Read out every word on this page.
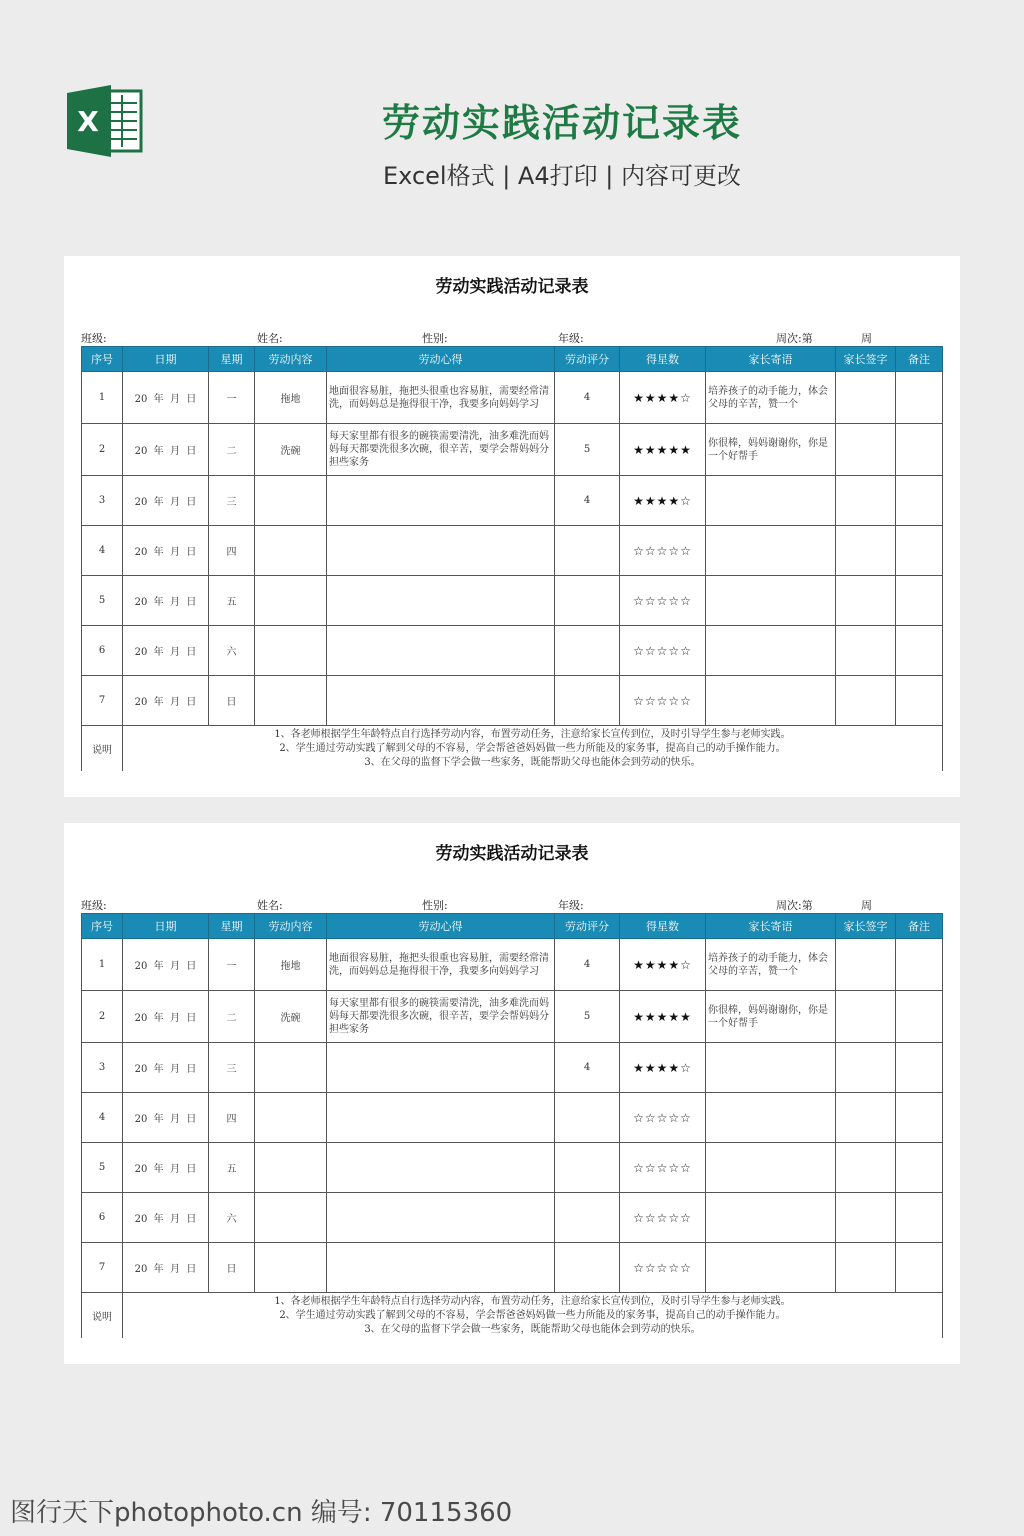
X	劳动实践活动记录表
Excel格式 | A4打印 | 内容可更改
劳动实践活动记录表
班级:	姓名:	性别:	年级:	周次:第	周
序号	日期	星期	劳动内容	劳动心得	劳动评分	得星数	家长寄语	家长签字	备注
1	20  年  月  日	一	拖地	地面很容易脏，拖把头很重也容易脏，需要经常清洗，而妈妈总是拖得很干净，我要多向妈妈学习	4	★★★★☆	培养孩子的动手能力，体会父母的辛苦，赞一个		
2	20  年  月  日	二	洗碗	每天家里都有很多的碗筷需要清洗，油多难洗而妈妈每天都要洗很多次碗，很辛苦，要学会帮妈妈分担些家务	5	★★★★★	你很棒，妈妈谢谢你，你是一个好帮手		
3	20  年  月  日	三			4	★★★★☆			
4	20  年  月  日	四				☆☆☆☆☆			
5	20  年  月  日	五				☆☆☆☆☆			
6	20  年  月  日	六				☆☆☆☆☆			
7	20  年  月  日	日				☆☆☆☆☆			
说明	1、各老师根据学生年龄特点自行选择劳动内容，布置劳动任务，注意给家长宣传到位，及时引导学生参与老师实践。
2、学生通过劳动实践了解到父母的不容易，学会帮爸爸妈妈做一些力所能及的家务事，提高自己的动手操作能力。
3、在父母的监督下学会做一些家务，既能帮助父母也能体会到劳动的快乐。								
劳动实践活动记录表
班级:	姓名:	性别:	年级:	周次:第	周
序号	日期	星期	劳动内容	劳动心得	劳动评分	得星数	家长寄语	家长签字	备注
1	20  年  月  日	一	拖地	地面很容易脏，拖把头很重也容易脏，需要经常清洗，而妈妈总是拖得很干净，我要多向妈妈学习	4	★★★★☆	培养孩子的动手能力，体会父母的辛苦，赞一个		
2	20  年  月  日	二	洗碗	每天家里都有很多的碗筷需要清洗，油多难洗而妈妈每天都要洗很多次碗，很辛苦，要学会帮妈妈分担些家务	5	★★★★★	你很棒，妈妈谢谢你，你是一个好帮手		
3	20  年  月  日	三			4	★★★★☆			
4	20  年  月  日	四				☆☆☆☆☆			
5	20  年  月  日	五				☆☆☆☆☆			
6	20  年  月  日	六				☆☆☆☆☆			
7	20  年  月  日	日				☆☆☆☆☆			
说明	1、各老师根据学生年龄特点自行选择劳动内容，布置劳动任务，注意给家长宣传到位，及时引导学生参与老师实践。
2、学生通过劳动实践了解到父母的不容易，学会帮爸爸妈妈做一些力所能及的家务事，提高自己的动手操作能力。
3、在父母的监督下学会做一些家务，既能帮助父母也能体会到劳动的快乐。								
图行天下photophoto.cn 编号: 70115360
